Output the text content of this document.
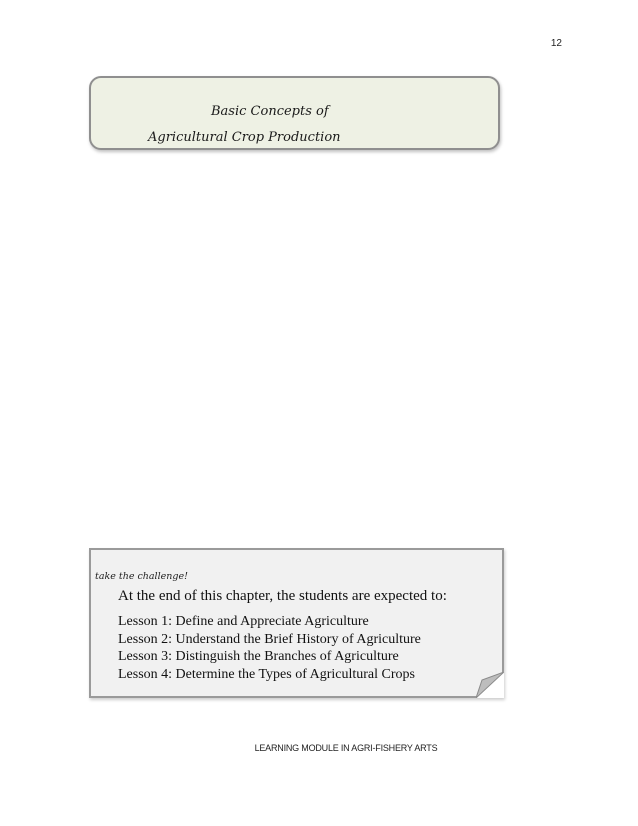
12
Basic Concepts of
Agricultural Crop Production
take the challenge!
At the end of this chapter, the students are expected to:
Lesson 1: Define and Appreciate Agriculture
Lesson 2: Understand the Brief History of Agriculture
Lesson 3: Distinguish the Branches of Agriculture
Lesson 4: Determine the Types of Agricultural Crops
LEARNING MODULE IN AGRI-FISHERY ARTS
